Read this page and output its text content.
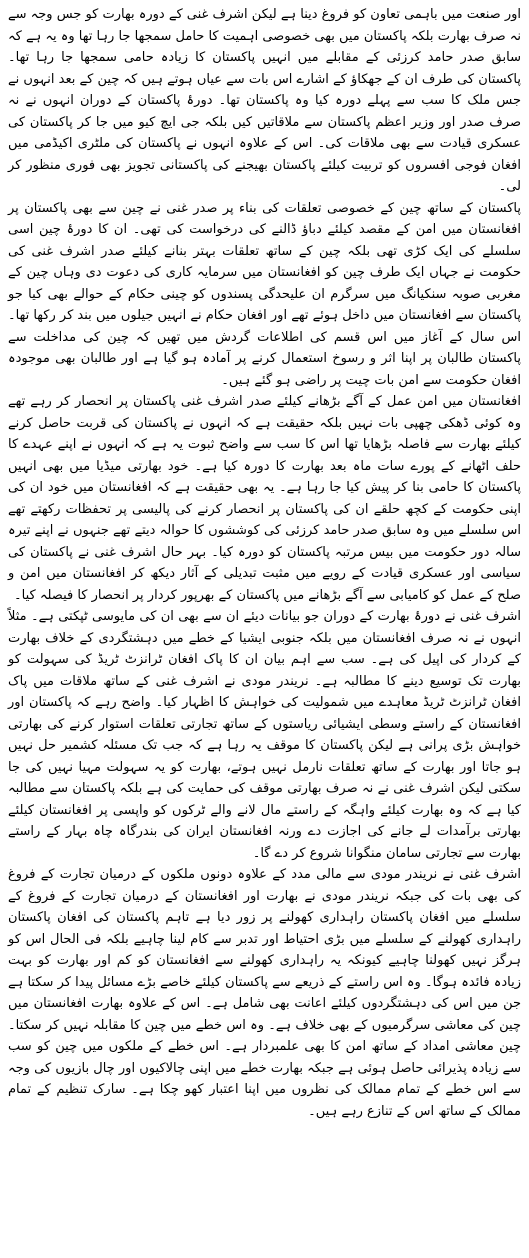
اور صنعت میں باہمی تعاون کو فروغ دینا ہے لیکن اشرف غنی کے دورہ بھارت کو جس وجہ سے نہ صرف بھارت بلکہ پاکستان میں بھی خصوصی اہمیت کا حامل سمجھا جا رہا تھا وہ یہ ہے کہ سابق صدر حامد کرزئی کے مقابلے میں انہیں پاکستان کا زیادہ حامی سمجھا جا رہا تھا۔ پاکستان کی طرف ان کے جھکاؤ کے اشارے اس بات سے عیاں ہوتے ہیں کہ چین کے بعد انہوں نے جس ملک کا سب سے پہلے دورہ کیا وہ پاکستان تھا۔ دورۂ پاکستان کے دوران انہوں نے نہ صرف صدر اور وزیر اعظم پاکستان سے ملاقاتیں کیں بلکہ جی ایچ کیو میں جا کر پاکستان کی عسکری قیادت سے بھی ملاقات کی۔ اس کے علاوہ انہوں نے پاکستان کی ملٹری اکیڈمی میں افغان فوجی افسروں کو تربیت کیلئے پاکستان بھیجنے کی پاکستانی تجویز بھی فوری منظور کر لی۔

پاکستان کے ساتھ چین کے خصوصی تعلقات کی بناء پر صدر غنی نے چین سے بھی پاکستان پر افغانستان میں امن کے مقصد کیلئے دباؤ ڈالنے کی درخواست کی تھی۔ ان کا دورۂ چین اسی سلسلے کی ایک کڑی تھی بلکہ چین کے ساتھ تعلقات بہتر بنانے کیلئے صدر اشرف غنی کی حکومت نے جہاں ایک طرف چین کو افغانستان میں سرمایہ کاری کی دعوت دی وہاں چین کے مغربی صوبہ سنکیانگ میں سرگرم ان علیحدگی پسندوں کو چینی حکام کے حوالے بھی کیا جو پاکستان سے افغانستان میں داخل ہوئے تھے اور افغان حکام نے انہیں جیلوں میں بند کر رکھا تھا۔ اس سال کے آغاز میں اس قسم کی اطلاعات گردش میں تھیں کہ چین کی مداخلت سے پاکستان طالبان پر اپنا اثر و رسوخ استعمال کرنے پر آمادہ ہو گیا ہے اور طالبان بھی موجودہ افغان حکومت سے امن بات چیت پر راضی ہو گئے ہیں۔

افغانستان میں امن عمل کے آگے بڑھانے کیلئے صدر اشرف غنی پاکستان پر انحصار کر رہے تھے وہ کوئی ڈھکی چھپی بات نہیں بلکہ حقیقت ہے کہ انہوں نے پاکستان کی قربت حاصل کرنے کیلئے بھارت سے فاصلہ بڑھایا تھا اس کا سب سے واضح ثبوت یہ ہے کہ انہوں نے اپنے عہدے کا حلف اٹھانے کے پورے سات ماہ بعد بھارت کا دورہ کیا ہے۔ خود بھارتی میڈیا میں بھی انہیں پاکستان کا حامی بنا کر پیش کیا جا رہا ہے۔ یہ بھی حقیقت ہے کہ افغانستان میں خود ان کی اپنی حکومت کے کچھ حلقے ان کی پاکستان پر انحصار کرنے کی پالیسی پر تحفظات رکھتے تھے اس سلسلے میں وہ سابق صدر حامد کرزئی کی کوششوں کا حوالہ دیتے تھے جنہوں نے اپنے تیرہ سالہ دور حکومت میں بیس مرتبہ پاکستان کو دورہ کیا۔ بہر حال اشرف غنی نے پاکستان کی سیاسی اور عسکری قیادت کے رویے میں مثبت تبدیلی کے آثار دیکھ کر افغانستان میں امن و صلح کے عمل کو کامیابی سے آگے بڑھانے میں پاکستان کے بھرپور کردار پر انحصار کا فیصلہ کیا۔

اشرف غنی نے دورۂ بھارت کے دوران جو بیانات دیئے ان سے بھی ان کی مایوسی ٹپکتی ہے۔ مثلاً انہوں نے نہ صرف افغانستان میں بلکہ جنوبی ایشیا کے خطے میں دہشتگردی کے خلاف بھارت کے کردار کی اپیل کی ہے۔ سب سے اہم بیان ان کا پاک افغان ٹرانزٹ ٹریڈ کی سہولت کو بھارت تک توسیع دینے کا مطالبہ ہے۔ نریندر مودی نے اشرف غنی کے ساتھ ملاقات میں پاک افغان ٹرانزٹ ٹریڈ معاہدے میں شمولیت کی خواہش کا اظہار کیا۔ واضح رہے کہ پاکستان اور افغانستان کے راستے وسطی ایشیائی ریاستوں کے ساتھ تجارتی تعلقات استوار کرنے کی بھارتی خواہش بڑی پرانی ہے لیکن پاکستان کا موقف یہ رہا ہے کہ جب تک مسئلہ کشمیر حل نہیں ہو جاتا اور بھارت کے ساتھ تعلقات نارمل نہیں ہوتے، بھارت کو یہ سہولت مہیا نہیں کی جا سکتی لیکن اشرف غنی نے نہ صرف بھارتی موقف کی حمایت کی ہے بلکہ پاکستان سے مطالبہ کیا ہے کہ وہ بھارت کیلئے واہگہ کے راستے مال لانے والے ٹرکوں کو واپسی پر افغانستان کیلئے بھارتی برآمدات لے جانے کی اجازت دے ورنہ افغانستان ایران کی بندرگاہ چاہ بہار کے راستے بھارت سے تجارتی سامان منگوانا شروع کر دے گا۔

اشرف غنی نے نریندر مودی سے مالی مدد کے علاوہ دونوں ملکوں کے درمیان تجارت کے فروغ کی بھی بات کی جبکہ نریندر مودی نے بھارت اور افغانستان کے درمیان تجارت کے فروغ کے سلسلے میں افغان پاکستان راہداری کھولنے پر زور دیا ہے تاہم پاکستان کی افغان پاکستان راہداری کھولنے کے سلسلے میں بڑی احتیاط اور تدبر سے کام لینا چاہیے بلکہ فی الحال اس کو ہرگز نہیں کھولنا چاہیے کیونکہ یہ راہداری کھولنے سے افغانستان کو کم اور بھارت کو بہت زیادہ فائدہ ہوگا۔ وہ اس راستے کے ذریعے سے پاکستان کیلئے خاصے بڑے مسائل پیدا کر سکتا ہے جن میں اس کی دہشتگردوں کیلئے اعانت بھی شامل ہے۔ اس کے علاوہ بھارت افغانستان میں چین کی معاشی سرگرمیوں کے بھی خلاف ہے۔ وہ اس خطے میں چین کا مقابلہ نہیں کر سکتا۔ چین معاشی امداد کے ساتھ امن کا بھی علمبردار ہے۔ اس خطے کے ملکوں میں چین کو سب سے زیادہ پذیرائی حاصل ہوئی ہے جبکہ بھارت خطے میں اپنی چالاکیوں اور چال بازیوں کی وجہ سے اس خطے کے تمام ممالک کی نظروں میں اپنا اعتبار کھو چکا ہے۔ سارک تنظیم کے تمام ممالک کے ساتھ اس کے تنازع رہے ہیں۔
